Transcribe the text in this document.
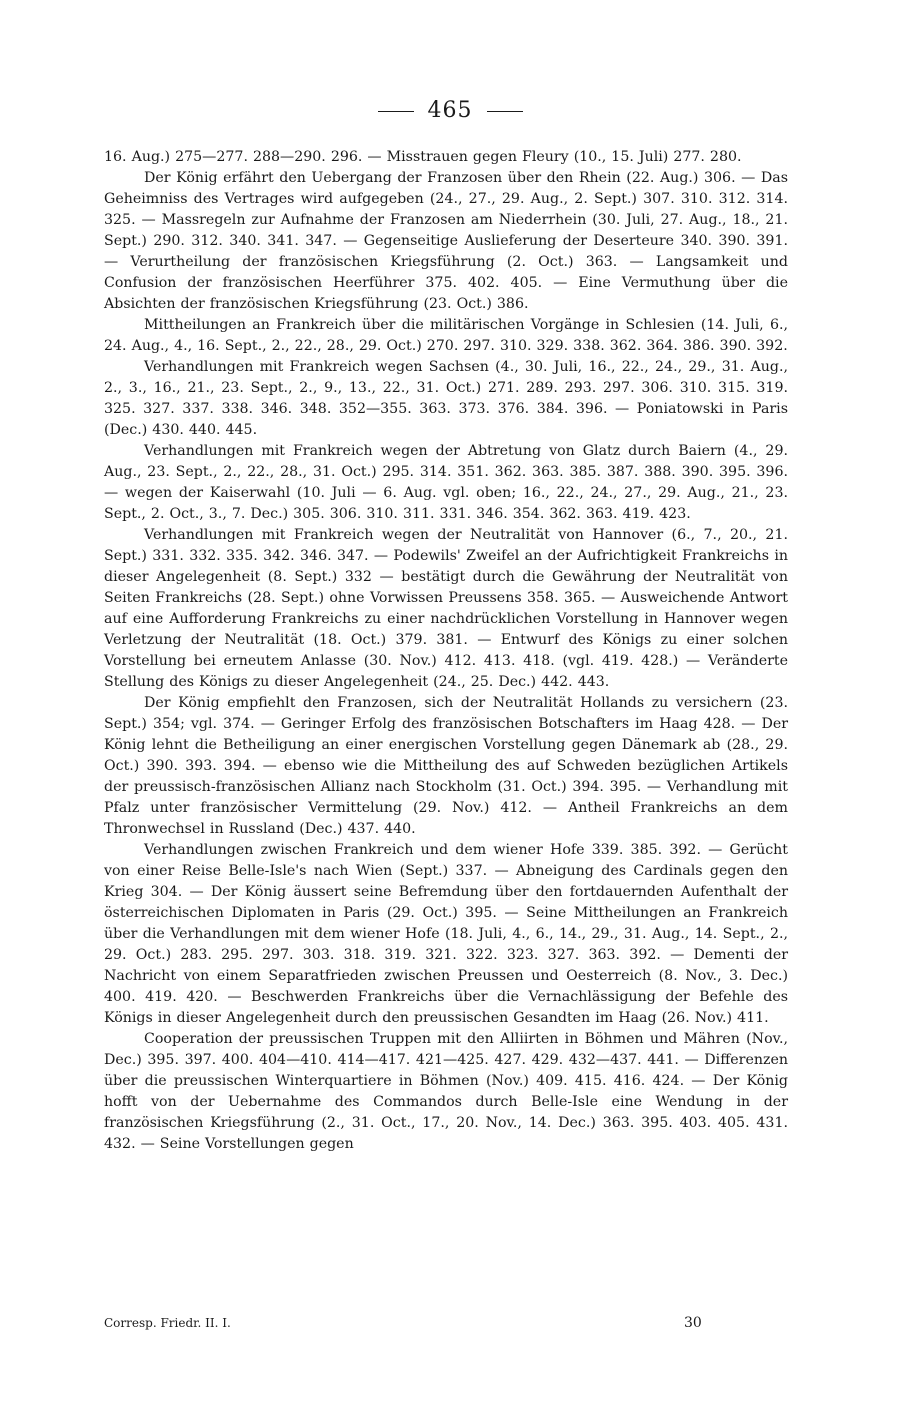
465

16. Aug.) 275—277. 288—290. 296. — Misstrauen gegen Fleury (10., 15. Juli) 277. 280.

Der König erfährt den Uebergang der Franzosen über den Rhein (22. Aug.) 306. — Das Geheimniss des Vertrages wird aufgegeben (24., 27., 29. Aug., 2. Sept.) 307. 310. 312. 314. 325. — Massregeln zur Aufnahme der Franzosen am Niederrhein (30. Juli, 27. Aug., 18., 21. Sept.) 290. 312. 340. 341. 347. — Gegenseitige Auslieferung der Deserteure 340. 390. 391. — Verurtheilung der französischen Kriegsführung (2. Oct.) 363. — Langsamkeit und Confusion der französischen Heerführer 375. 402. 405. — Eine Vermuthung über die Absichten der französischen Kriegsführung (23. Oct.) 386.

Mittheilungen an Frankreich über die militärischen Vorgänge in Schlesien (14. Juli, 6., 24. Aug., 4., 16. Sept., 2., 22., 28., 29. Oct.) 270. 297. 310. 329. 338. 362. 364. 386. 390. 392.

Verhandlungen mit Frankreich wegen Sachsen (4., 30. Juli, 16., 22., 24., 29., 31. Aug., 2., 3., 16., 21., 23. Sept., 2., 9., 13., 22., 31. Oct.) 271. 289. 293. 297. 306. 310. 315. 319. 325. 327. 337. 338. 346. 348. 352—355. 363. 373. 376. 384. 396. — Poniatowski in Paris (Dec.) 430. 440. 445.

Verhandlungen mit Frankreich wegen der Abtretung von Glatz durch Baiern (4., 29. Aug., 23. Sept., 2., 22., 28., 31. Oct.) 295. 314. 351. 362. 363. 385. 387. 388. 390. 395. 396. — wegen der Kaiserwahl (10. Juli — 6. Aug. vgl. oben; 16., 22., 24., 27., 29. Aug., 21., 23. Sept., 2. Oct., 3., 7. Dec.) 305. 306. 310. 311. 331. 346. 354. 362. 363. 419. 423.

Verhandlungen mit Frankreich wegen der Neutralität von Hannover (6., 7., 20., 21. Sept.) 331. 332. 335. 342. 346. 347. — Podewils' Zweifel an der Aufrichtigkeit Frankreichs in dieser Angelegenheit (8. Sept.) 332 — bestätigt durch die Gewährung der Neutralität von Seiten Frankreichs (28. Sept.) ohne Vorwissen Preussens 358. 365. — Ausweichende Antwort auf eine Aufforderung Frankreichs zu einer nachdrücklichen Vorstellung in Hannover wegen Verletzung der Neutralität (18. Oct.) 379. 381. — Entwurf des Königs zu einer solchen Vorstellung bei erneutem Anlasse (30. Nov.) 412. 413. 418. (vgl. 419. 428.) — Veränderte Stellung des Königs zu dieser Angelegenheit (24., 25. Dec.) 442. 443.

Der König empfiehlt den Franzosen, sich der Neutralität Hollands zu versichern (23. Sept.) 354; vgl. 374. — Geringer Erfolg des französischen Botschafters im Haag 428. — Der König lehnt die Betheiligung an einer energischen Vorstellung gegen Dänemark ab (28., 29. Oct.) 390. 393. 394. — ebenso wie die Mittheilung des auf Schweden bezüglichen Artikels der preussisch-französischen Allianz nach Stockholm (31. Oct.) 394. 395. — Verhandlung mit Pfalz unter französischer Vermittelung (29. Nov.) 412. — Antheil Frankreichs an dem Thronwechsel in Russland (Dec.) 437. 440.

Verhandlungen zwischen Frankreich und dem wiener Hofe 339. 385. 392. — Gerücht von einer Reise Belle-Isle's nach Wien (Sept.) 337. — Abneigung des Cardinals gegen den Krieg 304. — Der König äussert seine Befremdung über den fortdauernden Aufenthalt der österreichischen Diplomaten in Paris (29. Oct.) 395. — Seine Mittheilungen an Frankreich über die Verhandlungen mit dem wiener Hofe (18. Juli, 4., 6., 14., 29., 31. Aug., 14. Sept., 2., 29. Oct.) 283. 295. 297. 303. 318. 319. 321. 322. 323. 327. 363. 392. — Dementi der Nachricht von einem Separatfrieden zwischen Preussen und Oesterreich (8. Nov., 3. Dec.) 400. 419. 420. — Beschwerden Frankreichs über die Vernachlässigung der Befehle des Königs in dieser Angelegenheit durch den preussischen Gesandten im Haag (26. Nov.) 411.

Cooperation der preussischen Truppen mit den Alliirten in Böhmen und Mähren (Nov., Dec.) 395. 397. 400. 404—410. 414—417. 421—425. 427. 429. 432—437. 441. — Differenzen über die preussischen Winterquartiere in Böhmen (Nov.) 409. 415. 416. 424. — Der König hofft von der Uebernahme des Commandos durch Belle-Isle eine Wendung in der französischen Kriegsführung (2., 31. Oct., 17., 20. Nov., 14. Dec.) 363. 395. 403. 405. 431. 432. — Seine Vorstellungen gegen

Corresp. Friedr. II. I.	30
